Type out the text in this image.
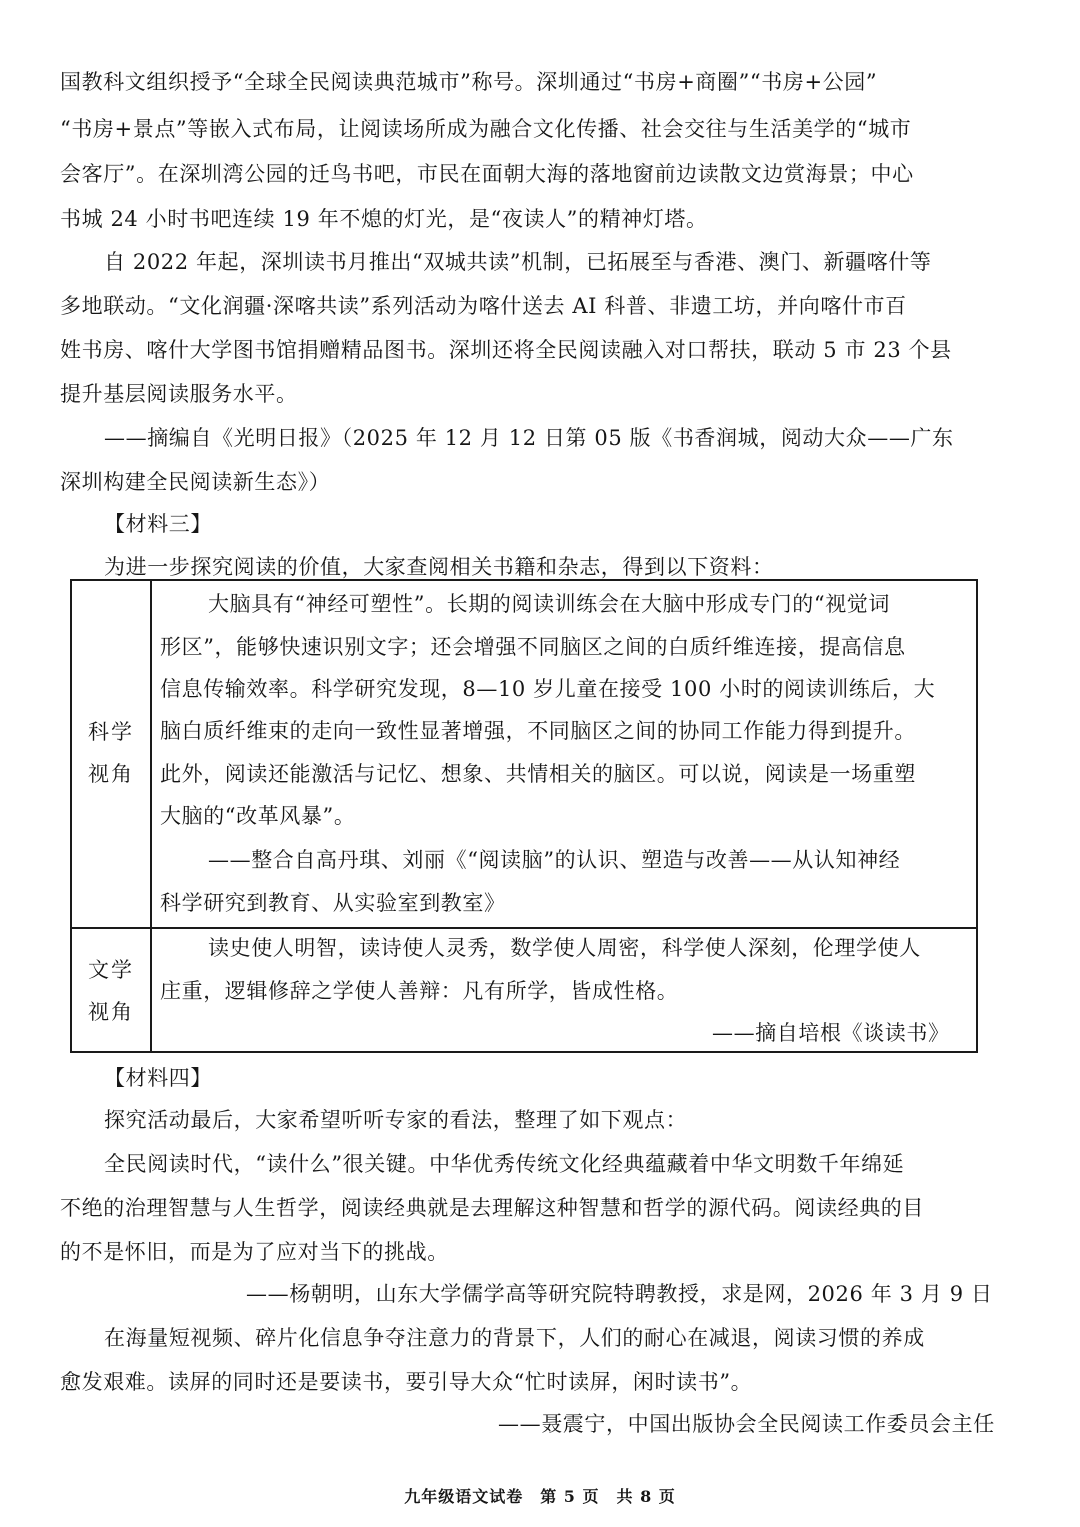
国教科文组织授予“全球全民阅读典范城市”称号。深圳通过“书房+商圈”“书房+公园”
“书房+景点”等嵌入式布局，让阅读场所成为融合文化传播、社会交往与生活美学的“城市
会客厅”。在深圳湾公园的迁鸟书吧，市民在面朝大海的落地窗前边读散文边赏海景；中心
书城 24 小时书吧连续 19 年不熄的灯光，是“夜读人”的精神灯塔。
自 2022 年起，深圳读书月推出“双城共读”机制，已拓展至与香港、澳门、新疆喀什等
多地联动。“文化润疆·深喀共读”系列活动为喀什送去 AI 科普、非遗工坊，并向喀什市百
姓书房、喀什大学图书馆捐赠精品图书。深圳还将全民阅读融入对口帮扶，联动 5 市 23 个县
提升基层阅读服务水平。
——摘编自《光明日报》（2025 年 12 月 12 日第 05 版《书香润城，阅动大众——广东
深圳构建全民阅读新生态》）
【材料三】
为进一步探究阅读的价值，大家查阅相关书籍和杂志，得到以下资料：
科学
视角
文学
视角
大脑具有“神经可塑性”。长期的阅读训练会在大脑中形成专门的“视觉词
形区”，能够快速识别文字；还会增强不同脑区之间的白质纤维连接，提高信息
信息传输效率。科学研究发现，8—10 岁儿童在接受 100 小时的阅读训练后，大
脑白质纤维束的走向一致性显著增强，不同脑区之间的协同工作能力得到提升。
此外，阅读还能激活与记忆、想象、共情相关的脑区。可以说，阅读是一场重塑
大脑的“改革风暴”。
——整合自高丹琪、刘丽《“阅读脑”的认识、塑造与改善——从认知神经
科学研究到教育、从实验室到教室》
读史使人明智，读诗使人灵秀，数学使人周密，科学使人深刻，伦理学使人
庄重，逻辑修辞之学使人善辩：凡有所学，皆成性格。
——摘自培根《谈读书》
【材料四】
探究活动最后，大家希望听听专家的看法，整理了如下观点：
全民阅读时代，“读什么”很关键。中华优秀传统文化经典蕴藏着中华文明数千年绵延
不绝的治理智慧与人生哲学，阅读经典就是去理解这种智慧和哲学的源代码。阅读经典的目
的不是怀旧，而是为了应对当下的挑战。
——杨朝明，山东大学儒学高等研究院特聘教授，求是网，2026 年 3 月 9 日
在海量短视频、碎片化信息争夺注意力的背景下，人们的耐心在减退，阅读习惯的养成
愈发艰难。读屏的同时还是要读书，要引导大众“忙时读屏，闲时读书”。
——聂震宁，中国出版协会全民阅读工作委员会主任
九年级语文试卷　第 5 页　共 8 页
